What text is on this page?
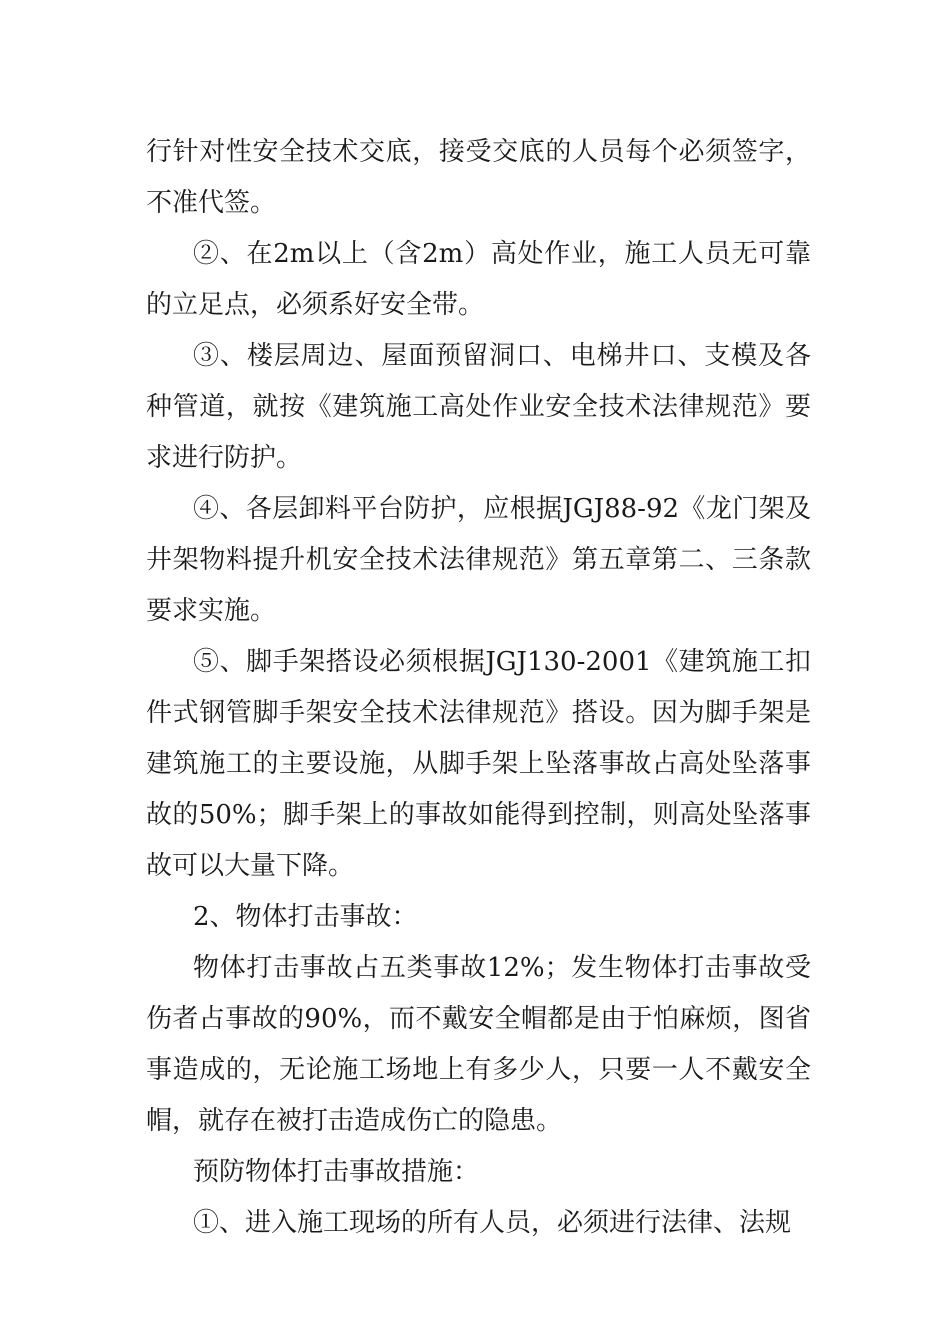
行针对性安全技术交底，接受交底的人员每个必须签字，不准代签。

②、在2m以上（含2m）高处作业，施工人员无可靠的立足点，必须系好安全带。

③、楼层周边、屋面预留洞口、电梯井口、支模及各种管道，就按《建筑施工高处作业安全技术法律规范》要求进行防护。

④、各层卸料平台防护，应根据JGJ88-92《龙门架及井架物料提升机安全技术法律规范》第五章第二、三条款要求实施。

⑤、脚手架搭设必须根据JGJ130-2001《建筑施工扣件式钢管脚手架安全技术法律规范》搭设。因为脚手架是建筑施工的主要设施，从脚手架上坠落事故占高处坠落事故的50%；脚手架上的事故如能得到控制，则高处坠落事故可以大量下降。

2、物体打击事故：

物体打击事故占五类事故12%；发生物体打击事故受伤者占事故的90%，而不戴安全帽都是由于怕麻烦，图省事造成的，无论施工场地上有多少人，只要一人不戴安全帽，就存在被打击造成伤亡的隐患。

预防物体打击事故措施：

①、进入施工现场的所有人员，必须进行法律、法规
